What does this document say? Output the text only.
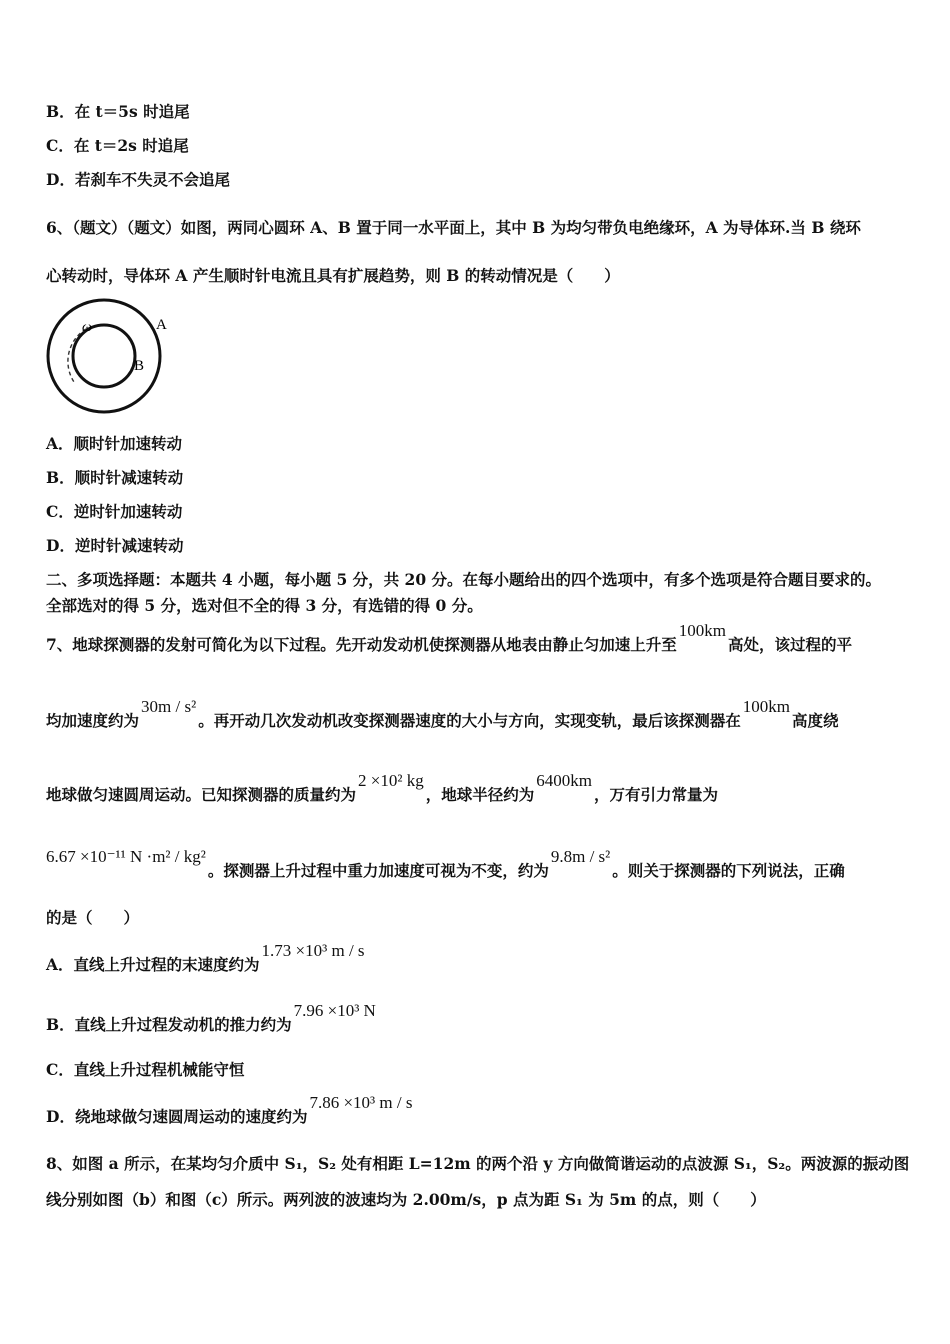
B．在 t＝5s 时追尾
C．在 t＝2s 时追尾
D．若刹车不失灵不会追尾
6、（题文）（题文）如图，两同心圆环 A、B 置于同一水平面上，其中 B 为均匀带负电绝缘环，A 为导体环.当 B 绕环
心转动时，导体环 A 产生顺时针电流且具有扩展趋势，则 B 的转动情况是（　　）
ω	A
B
A．顺时针加速转动
B．顺时针减速转动
C．逆时针加速转动
D．逆时针减速转动
二、多项选择题：本题共 4 小题，每小题 5 分，共 20 分。在每小题给出的四个选项中，有多个选项是符合题目要求的。
全部选对的得 5 分，选对但不全的得 3 分，有选错的得 0 分。
7、地球探测器的发射可简化为以下过程。先开动发动机使探测器从地表由静止匀加速上升至100km高处，该过程的平
均加速度约为30m / s²。再开动几次发动机改变探测器速度的大小与方向，实现变轨，最后该探测器在100km高度绕
地球做匀速圆周运动。已知探测器的质量约为2 ×10² kg，地球半径约为6400km，万有引力常量为
6.67 ×10⁻¹¹ N ·m² / kg²。探测器上升过程中重力加速度可视为不变，约为9.8m / s²。则关于探测器的下列说法，正确
的是（　　）
A．直线上升过程的末速度约为1.73 ×10³ m / s
B．直线上升过程发动机的推力约为7.96 ×10³ N
C．直线上升过程机械能守恒
D．绕地球做匀速圆周运动的速度约为7.86 ×10³ m / s
8、如图 a 所示，在某均匀介质中 S₁，S₂ 处有相距 L=12m 的两个沿 y 方向做简谐运动的点波源 S₁，S₂。两波源的振动图
线分别如图（b）和图（c）所示。两列波的波速均为 2.00m/s，p 点为距 S₁ 为 5m 的点，则（　　）
